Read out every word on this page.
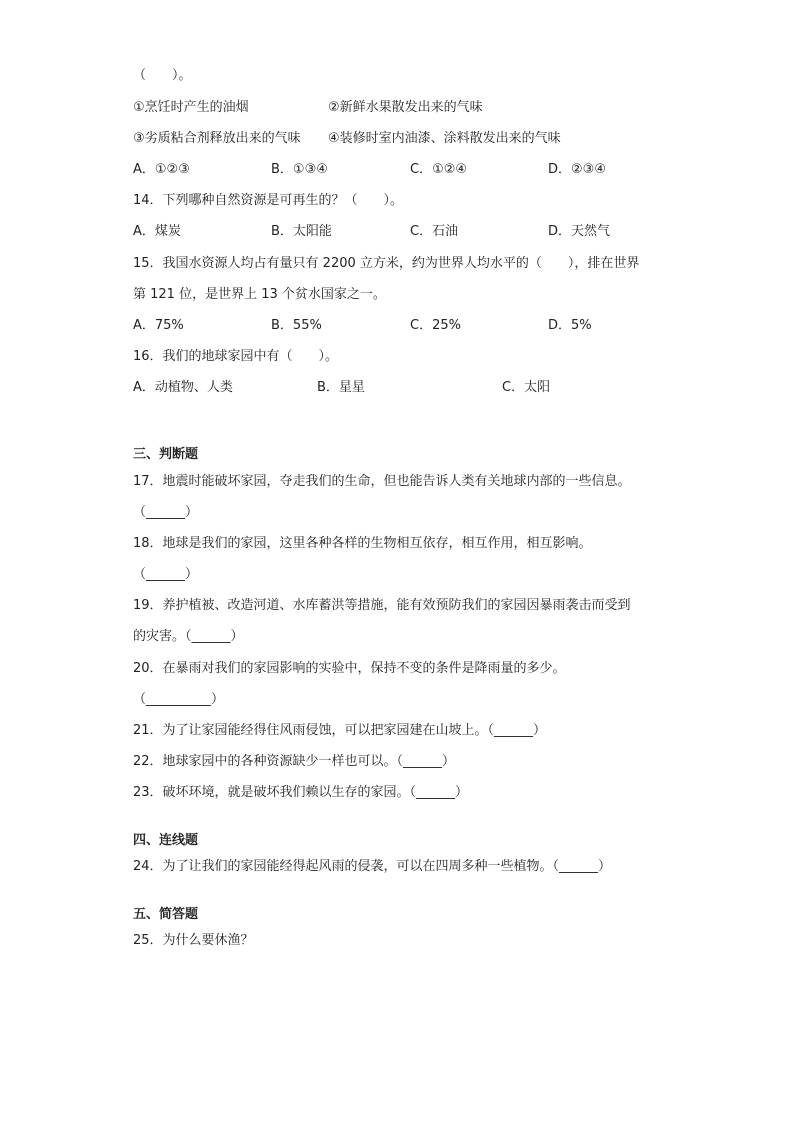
（　　）。
①烹饪时产生的油烟	②新鲜水果散发出来的气味
③劣质粘合剂释放出来的气味 ④装修时室内油漆、涂料散发出来的气味
A．①②③	B．①③④	C．①②④	D．②③④
14．下列哪种自然资源是可再生的？（　　）。
A．煤炭	B．太阳能	C．石油	D．天然气
15．我国水资源人均占有量只有 2200 立方米，约为世界人均水平的（　　），排在世界
第 121 位，是世界上 13 个贫水国家之一。
A．75%	B．55%	C．25%	D．5%
16．我们的地球家园中有（　　）。
A．动植物、人类	B．星星	C．太阳
三、判断题
17．地震时能破坏家园，夺走我们的生命，但也能告诉人类有关地球内部的一些信息。
（______）
18．地球是我们的家园，这里各种各样的生物相互依存，相互作用，相互影响。
（______）
19．养护植被、改造河道、水库蓄洪等措施，能有效预防我们的家园因暴雨袭击而受到
的灾害。（______）
20．在暴雨对我们的家园影响的实验中，保持不变的条件是降雨量的多少。
（__________）
21．为了让家园能经得住风雨侵蚀，可以把家园建在山坡上。（______）
22．地球家园中的各种资源缺少一样也可以。（______）
23．破坏环境，就是破坏我们赖以生存的家园。（______）
四、连线题
24．为了让我们的家园能经得起风雨的侵袭，可以在四周多种一些植物。（______）
五、简答题
25．为什么要休渔？
